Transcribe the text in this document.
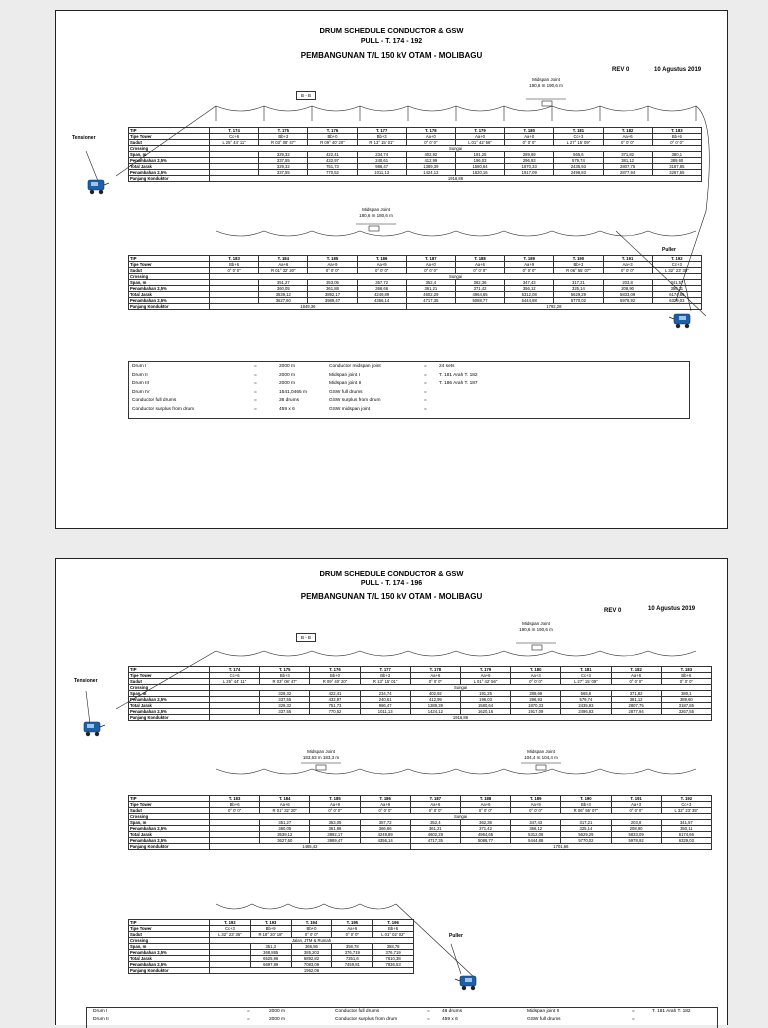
DRUM SCHEDULE CONDUCTOR & GSW
PULL - T. 174 - 192
PEMBANGUNAN T/L 150 kV OTAM - MOLIBAGU
REV 0	10 Agustus 2019
Midspan Joint
190,6 m 190,6 m
Midspan Joint
180,6 m 180,6 m
B - B
Tensioner
Puller
TIP	T. 174	T. 175	T. 176	T. 177	T. 178	T. 179	T. 180	T. 181	T. 182	T. 183
Tipe Tower	Cc+6	Bb+3	Bb+0	Bb+3	Aa+0	Aa+0	Aa+0	Cc+3	Aa+6	Bb+6
Sudut	L 25° 44' 11"	R 03° 08' 47"	R 09° 40' 20"	R 13° 15' 01"	0° 0' 0"	L 01° 42' 56"	0° 0' 0"	L 27° 15' 09"	0° 0' 0"	0° 0' 0"
Crossing	Sungai									
Span, m		329,32	422,41	234,74	402,92	191,25	289,69	565,6	371,82	380,1
Penambahan 2,5%		337,55	432,97	240,61	412,99	196,03	296,93	579,74	381,12	389,60
Total Jarak		329,32	751,73	986,47	1389,39	1580,64	1870,33	2435,93	2807,75	3187,85
Penambahan 2,5%		337,55	770,52	1011,13	1424,12	1620,16	1917,09	2496,83	2877,94	3267,55
Panjang Konduktor	1916,86									
TIP	T. 183	T. 184	T. 185	T. 186	T. 187	T. 188	T. 189	T. 190	T. 191	T. 192
Tipe Tower	Bb+6	Aa+6	Aa+9	Aa+9	Aa+0	Aa+6	Aa+9	Bb+3	Aa+3	Cc+3
Sudut	0° 0' 0"	R 01° 32' 20"	0° 0' 0"	0° 0' 0"	0° 0' 0"	0° 0' 0"	0° 0' 0"	R 06° 55' 07"	0° 0' 0"	L 32° 23' 35"
Crossing	Sungai									
Span, m		351,27	353,05	357,72	352,4	362,36	347,43	317,21	203,8	341,57
Penambahan 2,5%		360,05	361,88	366,66	361,21	371,42	356,12	325,14	208,90	350,11
Total Jarak		3539,12	3892,17	4249,89	4602,29	4964,65	5312,08	5629,29	5833,09	6174,66
Penambahan 2,5%		3627,60	3989,47	4356,14	4717,35	5088,77	5444,88	5770,02	5978,92	6329,03
Panjang Konduktor	1849,36				1792,28					
Drum I	=	2000 m	Conductor midspan joint	=	24 sets
Drum II	=	2000 m	Midspan joint I	=	T. 181 Arah T. 182
Drum III	=	2000 m	Midspan joint II	=	T. 186 Arah T. 187
Drum IV	=	1541,0465 m	GSW full drums	=
Conductor full drums	=	36 drums	GSW surplus from drum	=
Conductor surplus from drum	=	459 x 6	GSW midspan joint	=
DRUM SCHEDULE CONDUCTOR & GSW
PULL - T. 174 - 196
PEMBANGUNAN T/L 150 kV OTAM - MOLIBAGU
REV 0	10 Agustus 2019
Midspan Joint
190,6 m 190,6 m
Midspan Joint
183,63 m 183,3 m
Midspan Joint
104,4 m 104,4 m
B - B
Tensioner
Puller
TIP	T. 174	T. 175	T. 176	T. 177	T. 178	T. 179	T. 180	T. 181	T. 182	T. 183
Tipe Tower	Cc+6	Bb+3	Bb+0	Bb+3	Aa+6	Aa+6	Aa+3	Cc+3	Aa+6	Bb+6
Sudut	L 25° 44' 11"	R 03° 08' 47"	R 09° 40' 20"	R 13° 15' 01"	0° 0' 0"	L 01° 42' 56"	0° 0' 0"	L 27° 15' 09"	0° 0' 0"	0° 0' 0"
Crossing	Sungai									
Span, m		329,32	422,41	234,74	402,92	191,25	289,69	565,6	371,82	380,1
Penambahan 2,5%		337,55	432,97	240,61	412,99	196,03	296,93	579,74	381,12	389,60
Total Jarak		329,32	751,73	986,47	1389,39	1580,64	1870,33	2435,93	2807,75	3187,85
Penambahan 2,5%		337,55	770,52	1011,13	1424,12	1620,16	1917,09	2496,83	2877,94	3267,55
Panjang Konduktor	1916,86									
TIP	T. 183	T. 184	T. 185	T. 186	T. 187	T. 188	T. 189	T. 190	T. 191	T. 192
Tipe Tower	Bb+6	Aa+6	Aa+9	Aa+9	Aa+6	Aa+6	Aa+9	Bb+3	Aa+3	Cc+3
Sudut	0° 0' 0"	R 01° 32' 20"	0° 0' 0"	0° 0' 0"	0° 0' 0"	0° 0' 0"	0° 0' 0"	R 06° 55' 07"	0° 0' 0"	L 32° 23' 35"
Crossing	Sungai									
Span, m		351,27	353,05	357,72	352,4	362,36	347,43	317,21	203,8	341,57
Penambahan 2,5%		360,05	361,88	366,66	361,21	371,42	356,12	325,14	208,90	350,11
Total Jarak		3539,12	3892,17	4249,89	4602,29	4964,65	5312,08	5629,29	5833,09	6174,66
Penambahan 2,5%		3627,60	3989,47	4356,14	4717,35	5088,77	5444,88	5770,02	5978,92	6329,03
Panjang Konduktor	1485,42				1701,66					
TIP	T. 192	T. 193	T. 194	T. 195	T. 196
Tipe Tower	Cc+3	Bb+9	Bb+0	Aa+6	Bb+6
Sudut	L 32° 23' 35"	R 18° 20' 18"	0° 0' 0"	0° 0' 0"	L 01° 02' 02"
Crossing	Jalan, JTM & Rumah				
Span, m		351,3	366,86	358,78	358,78
Penambahan 2,5%		368,865	385,203	376,719	376,719
Total Jarak		6525,96	6892,82	7251,6	7610,38
Penambahan 2,5%		6697,89	7083,09	7459,81	7836,53
Panjang Konduktor	1962,06				
Drum I	=	2000 m	Conductor full drums	=	48 drums	Midspan joint II	=	T. 181 Arah T. 182
Drum II	=	2000 m	Conductor surplus from drum	=	459 x 6	GSW full drums	=
